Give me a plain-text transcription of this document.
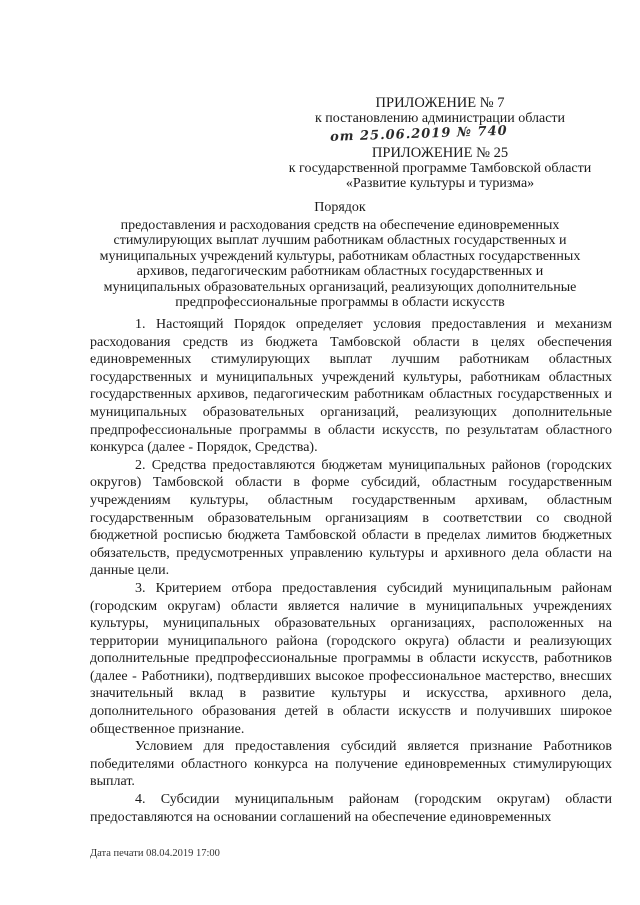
ПРИЛОЖЕНИЕ № 7
к постановлению администрации области
от 25.06.2019 № 740
ПРИЛОЖЕНИЕ № 25
к государственной программе Тамбовской области
«Развитие культуры и туризма»
Порядок
предоставления и расходования средств на обеспечение единовременных
стимулирующих выплат лучшим работникам областных государственных и
муниципальных учреждений культуры, работникам областных государственных
архивов, педагогическим работникам областных государственных и
муниципальных образовательных организаций, реализующих дополнительные
предпрофессиональные программы в области искусств

1. Настоящий Порядок определяет условия предоставления и механизм расходования средств из бюджета Тамбовской области в целях обеспечения единовременных стимулирующих выплат лучшим работникам областных государственных и муниципальных учреждений культуры, работникам областных государственных архивов, педагогическим работникам областных государственных и муниципальных образовательных организаций, реализующих дополнительные предпрофессиональные программы в области искусств, по результатам областного конкурса (далее - Порядок, Средства).

2. Средства предоставляются бюджетам муниципальных районов (городских округов) Тамбовской области в форме субсидий, областным государственным учреждениям культуры, областным государственным архивам, областным государственным образовательным организациям в соответствии со сводной бюджетной росписью бюджета Тамбовской области в пределах лимитов бюджетных обязательств, предусмотренных управлению культуры и архивного дела области на данные цели.

3. Критерием отбора предоставления субсидий муниципальным районам (городским округам) области является наличие в муниципальных учреждениях культуры, муниципальных образовательных организациях, расположенных на территории муниципального района (городского округа) области и реализующих дополнительные предпрофессиональные программы в области искусств, работников (далее - Работники), подтвердивших высокое профессиональное мастерство, внесших значительный вклад в развитие культуры и искусства, архивного дела, дополнительного образования детей в области искусств и получивших широкое общественное признание.

Условием для предоставления субсидий является признание Работников победителями областного конкурса на получение единовременных стимулирующих выплат.

4. Субсидии муниципальным районам (городским округам) области предоставляются на основании соглашений на обеспечение единовременных

Дата печати 08.04.2019 17:00
